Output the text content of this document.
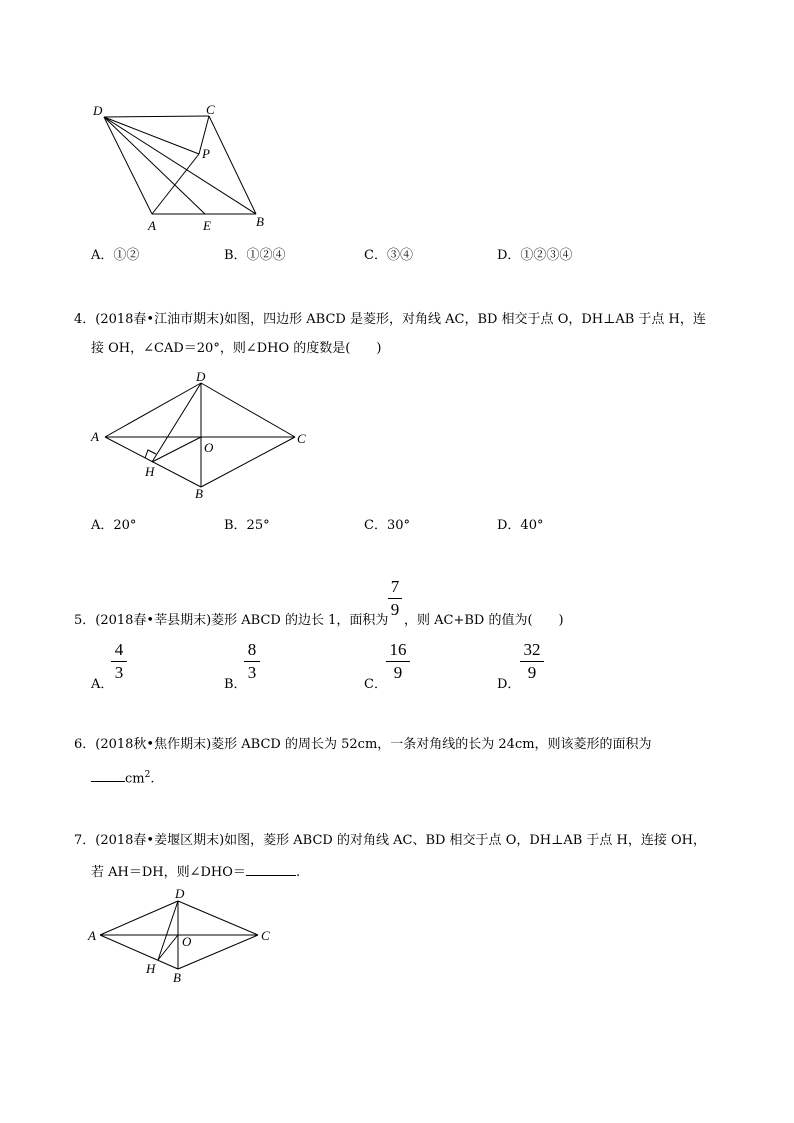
D	C
P
A	E	B
A．①②	B．①②④	C．③④	D．①②③④
4．(2018春•江油市期末)如图，四边形 ABCD 是菱形，对角线 AC，BD 相交于点 O，DH⊥AB 于点 H，连
接 OH，∠CAD＝20°，则∠DHO 的度数是(　　)
D
A
O
C
H
B
A．20°	B．25°	C．30°	D．40°
5．(2018春•莘县期末)菱形 ABCD 的边长 1，面积为
7
9
，则 AC+BD 的值为(　　)
A．
4
3
B．
8
3
C．
16
9
D．
32
9
6．(2018秋•焦作期末)菱形 ABCD 的周长为 52cm，一条对角线的长为 24cm，则该菱形的面积为
$cm^2$.
7．(2018春•姜堰区期末)如图，菱形 ABCD 的对角线 AC、BD 相交于点 O，DH⊥AB 于点 H，连接 OH，
若 AH＝DH，则∠DHO＝	.
D
A	O	C
H
B
